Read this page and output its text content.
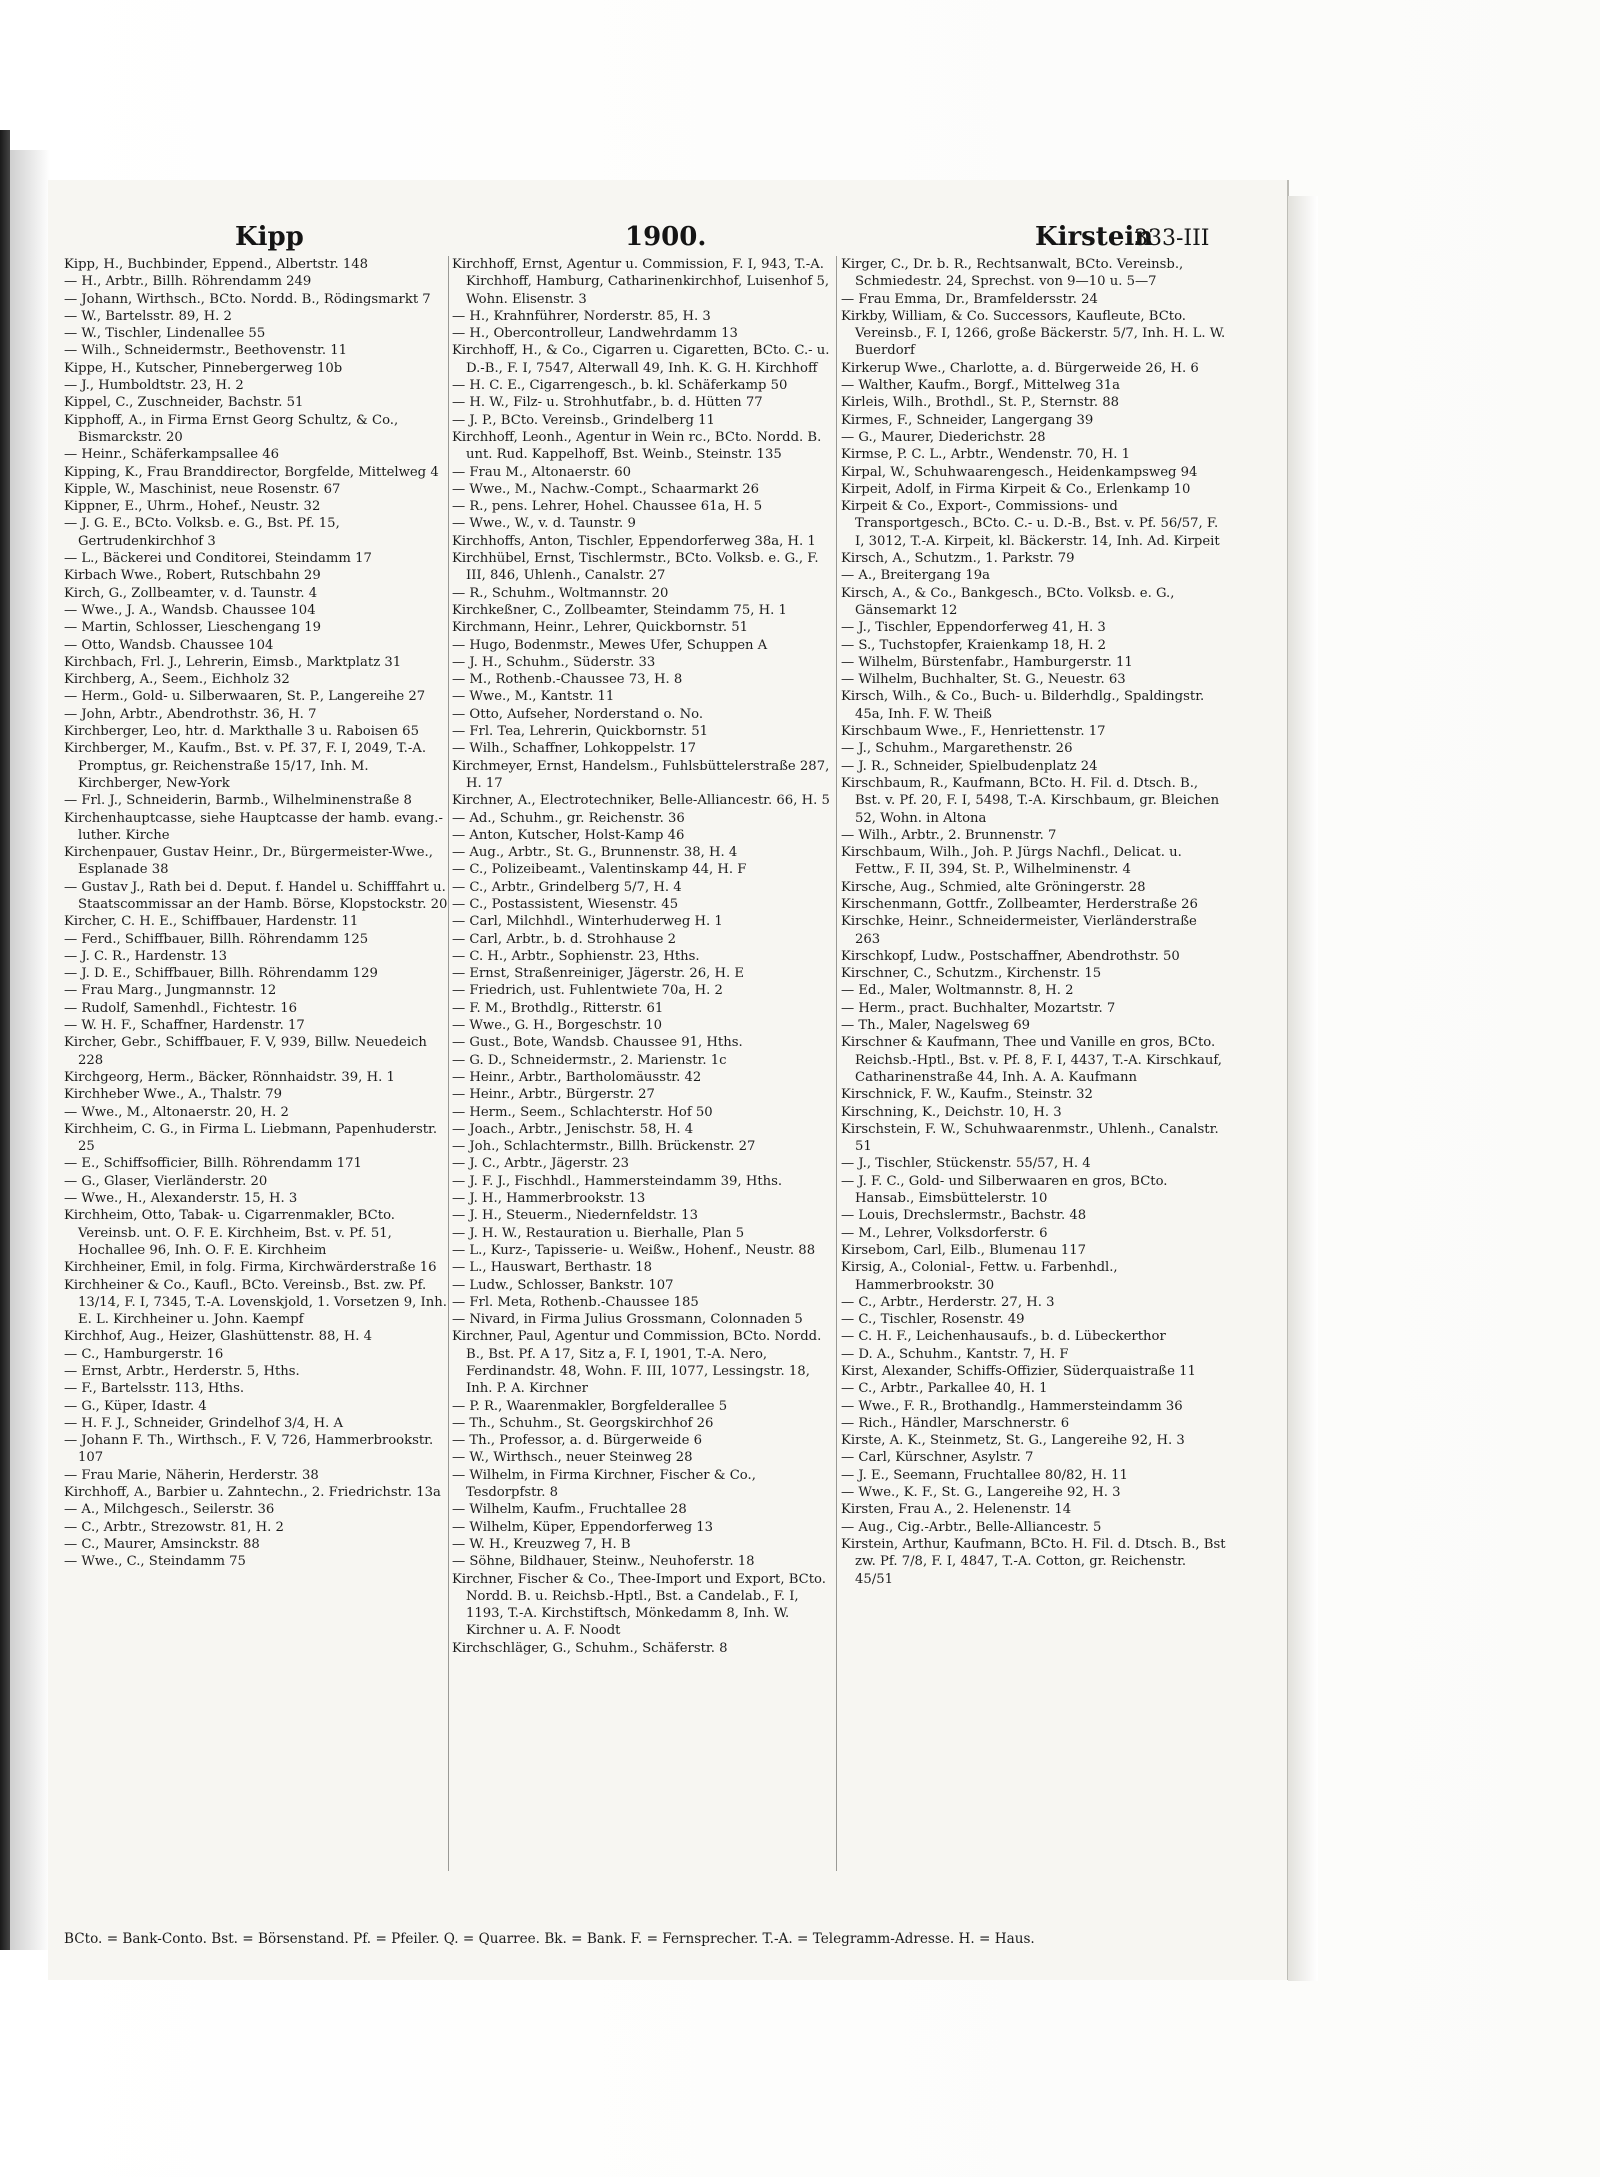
Kipp	1900.	Kirstein
333-III
Kipp, H., Buchbinder, Eppend., Albertstr. 148
— H., Arbtr., Billh. Röhrendamm 249
— Johann, Wirthsch., BCto. Nordd. B., Rödingsmarkt 7
— W., Bartelsstr. 89, H. 2
— W., Tischler, Lindenallee 55
— Wilh., Schneidermstr., Beethovenstr. 11
Kippe, H., Kutscher, Pinnebergerweg 10b
— J., Humboldtstr. 23, H. 2
Kippel, C., Zuschneider, Bachstr. 51
Kipphoff, A., in Firma Ernst Georg Schultz, & Co., Bismarckstr. 20
— Heinr., Schäferkampsallee 46
Kipping, K., Frau Branddirector, Borgfelde, Mittelweg 4
Kipple, W., Maschinist, neue Rosenstr. 67
Kippner, E., Uhrm., Hohef., Neustr. 32
— J. G. E., BCto. Volksb. e. G., Bst. Pf. 15, Gertrudenkirchhof 3
— L., Bäckerei und Conditorei, Steindamm 17
Kirbach Wwe., Robert, Rutschbahn 29
Kirch, G., Zollbeamter, v. d. Taunstr. 4
— Wwe., J. A., Wandsb. Chaussee 104
— Martin, Schlosser, Lieschengang 19
— Otto, Wandsb. Chaussee 104
Kirchbach, Frl. J., Lehrerin, Eimsb., Marktplatz 31
Kirchberg, A., Seem., Eichholz 32
— Herm., Gold- u. Silberwaaren, St. P., Langereihe 27
— John, Arbtr., Abendrothstr. 36, H. 7
Kirchberger, Leo, htr. d. Markthalle 3 u. Raboisen 65
Kirchberger, M., Kaufm., Bst. v. Pf. 37, F. I, 2049, T.-A. Promptus, gr. Reichenstraße 15/17, Inh. M. Kirchberger, New-York
— Frl. J., Schneiderin, Barmb., Wilhelminenstraße 8
Kirchenhauptcasse, siehe Hauptcasse der hamb. evang.-luther. Kirche
Kirchenpauer, Gustav Heinr., Dr., Bürgermeister-Wwe., Esplanade 38
— Gustav J., Rath bei d. Deput. f. Handel u. Schifffahrt u. Staatscommissar an der Hamb. Börse, Klopstockstr. 20
Kircher, C. H. E., Schiffbauer, Hardenstr. 11
— Ferd., Schiffbauer, Billh. Röhrendamm 125
— J. C. R., Hardenstr. 13
— J. D. E., Schiffbauer, Billh. Röhrendamm 129
— Frau Marg., Jungmannstr. 12
— Rudolf, Samenhdl., Fichtestr. 16
— W. H. F., Schaffner, Hardenstr. 17
Kircher, Gebr., Schiffbauer, F. V, 939, Billw. Neuedeich 228
Kirchgeorg, Herm., Bäcker, Rönnhaidstr. 39, H. 1
Kirchheber Wwe., A., Thalstr. 79
— Wwe., M., Altonaerstr. 20, H. 2
Kirchheim, C. G., in Firma L. Liebmann, Papenhuderstr. 25
— E., Schiffsofficier, Billh. Röhrendamm 171
— G., Glaser, Vierländerstr. 20
— Wwe., H., Alexanderstr. 15, H. 3
Kirchheim, Otto, Tabak- u. Cigarrenmakler, BCto. Vereinsb. unt. O. F. E. Kirchheim, Bst. v. Pf. 51, Hochallee 96, Inh. O. F. E. Kirchheim
Kirchheiner, Emil, in folg. Firma, Kirchwärderstraße 16
Kirchheiner & Co., Kaufl., BCto. Vereinsb., Bst. zw. Pf. 13/14, F. I, 7345, T.-A. Lovenskjold, 1. Vorsetzen 9, Inh. E. L. Kirchheiner u. John. Kaempf
Kirchhof, Aug., Heizer, Glashüttenstr. 88, H. 4
— C., Hamburgerstr. 16
— Ernst, Arbtr., Herderstr. 5, Hths.
— F., Bartelsstr. 113, Hths.
— G., Küper, Idastr. 4
— H. F. J., Schneider, Grindelhof 3/4, H. A
— Johann F. Th., Wirthsch., F. V, 726, Hammerbrookstr. 107
— Frau Marie, Näherin, Herderstr. 38
Kirchhoff, A., Barbier u. Zahntechn., 2. Friedrichstr. 13a
— A., Milchgesch., Seilerstr. 36
— C., Arbtr., Strezowstr. 81, H. 2
— C., Maurer, Amsinckstr. 88
— Wwe., C., Steindamm 75
Kirchhoff, Ernst, Agentur u. Commission, F. I, 943, T.-A. Kirchhoff, Hamburg, Catharinenkirchhof, Luisenhof 5, Wohn. Elisenstr. 3
— H., Krahnführer, Norderstr. 85, H. 3
— H., Obercontrolleur, Landwehrdamm 13
Kirchhoff, H., & Co., Cigarren u. Cigaretten, BCto. C.- u. D.-B., F. I, 7547, Alterwall 49, Inh. K. G. H. Kirchhoff
— H. C. E., Cigarrengesch., b. kl. Schäferkamp 50
— H. W., Filz- u. Strohhutfabr., b. d. Hütten 77
— J. P., BCto. Vereinsb., Grindelberg 11
Kirchhoff, Leonh., Agentur in Wein rc., BCto. Nordd. B. unt. Rud. Kappelhoff, Bst. Weinb., Steinstr. 135
— Frau M., Altonaerstr. 60
— Wwe., M., Nachw.-Compt., Schaarmarkt 26
— R., pens. Lehrer, Hohel. Chaussee 61a, H. 5
— Wwe., W., v. d. Taunstr. 9
Kirchhoffs, Anton, Tischler, Eppendorferweg 38a, H. 1
Kirchhübel, Ernst, Tischlermstr., BCto. Volksb. e. G., F. III, 846, Uhlenh., Canalstr. 27
— R., Schuhm., Woltmannstr. 20
Kirchkeßner, C., Zollbeamter, Steindamm 75, H. 1
Kirchmann, Heinr., Lehrer, Quickbornstr. 51
— Hugo, Bodenmstr., Mewes Ufer, Schuppen A
— J. H., Schuhm., Süderstr. 33
— M., Rothenb.-Chaussee 73, H. 8
— Wwe., M., Kantstr. 11
— Otto, Aufseher, Norderstand o. No.
— Frl. Tea, Lehrerin, Quickbornstr. 51
— Wilh., Schaffner, Lohkoppelstr. 17
Kirchmeyer, Ernst, Handelsm., Fuhlsbüttelerstraße 287, H. 17
Kirchner, A., Electrotechniker, Belle-Alliancestr. 66, H. 5
— Ad., Schuhm., gr. Reichenstr. 36
— Anton, Kutscher, Holst-Kamp 46
— Aug., Arbtr., St. G., Brunnenstr. 38, H. 4
— C., Polizeibeamt., Valentinskamp 44, H. F
— C., Arbtr., Grindelberg 5/7, H. 4
— C., Postassistent, Wiesenstr. 45
— Carl, Milchhdl., Winterhuderweg H. 1
— Carl, Arbtr., b. d. Strohhause 2
— C. H., Arbtr., Sophienstr. 23, Hths.
— Ernst, Straßenreiniger, Jägerstr. 26, H. E
— Friedrich, ust. Fuhlentwiete 70a, H. 2
— F. M., Brothdlg., Ritterstr. 61
— Wwe., G. H., Borgeschstr. 10
— Gust., Bote, Wandsb. Chaussee 91, Hths.
— G. D., Schneidermstr., 2. Marienstr. 1c
— Heinr., Arbtr., Bartholomäusstr. 42
— Heinr., Arbtr., Bürgerstr. 27
— Herm., Seem., Schlachterstr. Hof 50
— Joach., Arbtr., Jenischstr. 58, H. 4
— Joh., Schlachtermstr., Billh. Brückenstr. 27
— J. C., Arbtr., Jägerstr. 23
— J. F. J., Fischhdl., Hammersteindamm 39, Hths.
— J. H., Hammerbrookstr. 13
— J. H., Steuerm., Niedernfeldstr. 13
— J. H. W., Restauration u. Bierhalle, Plan 5
— L., Kurz-, Tapisserie- u. Weißw., Hohenf., Neustr. 88
— L., Hauswart, Berthastr. 18
— Ludw., Schlosser, Bankstr. 107
— Frl. Meta, Rothenb.-Chaussee 185
— Nivard, in Firma Julius Grossmann, Colonnaden 5
Kirchner, Paul, Agentur und Commission, BCto. Nordd. B., Bst. Pf. A 17, Sitz a, F. I, 1901, T.-A. Nero, Ferdinandstr. 48, Wohn. F. III, 1077, Lessingstr. 18, Inh. P. A. Kirchner
— P. R., Waarenmakler, Borgfelderallee 5
— Th., Schuhm., St. Georgskirchhof 26
— Th., Professor, a. d. Bürgerweide 6
— W., Wirthsch., neuer Steinweg 28
— Wilhelm, in Firma Kirchner, Fischer & Co., Tesdorpfstr. 8
— Wilhelm, Kaufm., Fruchtallee 28
— Wilhelm, Küper, Eppendorferweg 13
— W. H., Kreuzweg 7, H. B
— Söhne, Bildhauer, Steinw., Neuhoferstr. 18
Kirchner, Fischer & Co., Thee-Import und Export, BCto. Nordd. B. u. Reichsb.-Hptl., Bst. a Candelab., F. I, 1193, T.-A. Kirchstiftsch, Mönkedamm 8, Inh. W. Kirchner u. A. F. Noodt
Kirchschläger, G., Schuhm., Schäferstr. 8
Kirger, C., Dr. b. R., Rechtsanwalt, BCto. Vereinsb., Schmiedestr. 24, Sprechst. von 9—10 u. 5—7
— Frau Emma, Dr., Bramfeldersstr. 24
Kirkby, William, & Co. Successors, Kaufleute, BCto. Vereinsb., F. I, 1266, große Bäckerstr. 5/7, Inh. H. L. W. Buerdorf
Kirkerup Wwe., Charlotte, a. d. Bürgerweide 26, H. 6
— Walther, Kaufm., Borgf., Mittelweg 31a
Kirleis, Wilh., Brothdl., St. P., Sternstr. 88
Kirmes, F., Schneider, Langergang 39
— G., Maurer, Diederichstr. 28
Kirmse, P. C. L., Arbtr., Wendenstr. 70, H. 1
Kirpal, W., Schuhwaarengesch., Heidenkampsweg 94
Kirpeit, Adolf, in Firma Kirpeit & Co., Erlenkamp 10
Kirpeit & Co., Export-, Commissions- und Transportgesch., BCto. C.- u. D.-B., Bst. v. Pf. 56/57, F. I, 3012, T.-A. Kirpeit, kl. Bäckerstr. 14, Inh. Ad. Kirpeit
Kirsch, A., Schutzm., 1. Parkstr. 79
— A., Breitergang 19a
Kirsch, A., & Co., Bankgesch., BCto. Volksb. e. G., Gänsemarkt 12
— J., Tischler, Eppendorferweg 41, H. 3
— S., Tuchstopfer, Kraienkamp 18, H. 2
— Wilhelm, Bürstenfabr., Hamburgerstr. 11
— Wilhelm, Buchhalter, St. G., Neuestr. 63
Kirsch, Wilh., & Co., Buch- u. Bilderhdlg., Spaldingstr. 45a, Inh. F. W. Theiß
Kirschbaum Wwe., F., Henriettenstr. 17
— J., Schuhm., Margarethenstr. 26
— J. R., Schneider, Spielbudenplatz 24
Kirschbaum, R., Kaufmann, BCto. H. Fil. d. Dtsch. B., Bst. v. Pf. 20, F. I, 5498, T.-A. Kirschbaum, gr. Bleichen 52, Wohn. in Altona
— Wilh., Arbtr., 2. Brunnenstr. 7
Kirschbaum, Wilh., Joh. P. Jürgs Nachfl., Delicat. u. Fettw., F. II, 394, St. P., Wilhelminenstr. 4
Kirsche, Aug., Schmied, alte Gröningerstr. 28
Kirschenmann, Gottfr., Zollbeamter, Herderstraße 26
Kirschke, Heinr., Schneidermeister, Vierländerstraße 263
Kirschkopf, Ludw., Postschaffner, Abendrothstr. 50
Kirschner, C., Schutzm., Kirchenstr. 15
— Ed., Maler, Woltmannstr. 8, H. 2
— Herm., pract. Buchhalter, Mozartstr. 7
— Th., Maler, Nagelsweg 69
Kirschner & Kaufmann, Thee und Vanille en gros, BCto. Reichsb.-Hptl., Bst. v. Pf. 8, F. I, 4437, T.-A. Kirschkauf, Catharinenstraße 44, Inh. A. A. Kaufmann
Kirschnick, F. W., Kaufm., Steinstr. 32
Kirschning, K., Deichstr. 10, H. 3
Kirschstein, F. W., Schuhwaarenmstr., Uhlenh., Canalstr. 51
— J., Tischler, Stückenstr. 55/57, H. 4
— J. F. C., Gold- und Silberwaaren en gros, BCto. Hansab., Eimsbüttelerstr. 10
— Louis, Drechslermstr., Bachstr. 48
— M., Lehrer, Volksdorferstr. 6
Kirsebom, Carl, Eilb., Blumenau 117
Kirsig, A., Colonial-, Fettw. u. Farbenhdl., Hammerbrookstr. 30
— C., Arbtr., Herderstr. 27, H. 3
— C., Tischler, Rosenstr. 49
— C. H. F., Leichenhausaufs., b. d. Lübeckerthor
— D. A., Schuhm., Kantstr. 7, H. F
Kirst, Alexander, Schiffs-Offizier, Süderquaistraße 11
— C., Arbtr., Parkallee 40, H. 1
— Wwe., F. R., Brothandlg., Hammersteindamm 36
— Rich., Händler, Marschnerstr. 6
Kirste, A. K., Steinmetz, St. G., Langereihe 92, H. 3
— Carl, Kürschner, Asylstr. 7
— J. E., Seemann, Fruchtallee 80/82, H. 11
— Wwe., K. F., St. G., Langereihe 92, H. 3
Kirsten, Frau A., 2. Helenenstr. 14
— Aug., Cig.-Arbtr., Belle-Alliancestr. 5
Kirstein, Arthur, Kaufmann, BCto. H. Fil. d. Dtsch. B., Bst zw. Pf. 7/8, F. I, 4847, T.-A. Cotton, gr. Reichenstr. 45/51
BCto. = Bank-Conto. Bst. = Börsenstand. Pf. = Pfeiler. Q. = Quarree. Bk. = Bank. F. = Fernsprecher. T.-A. = Telegramm-Adresse. H. = Haus.
